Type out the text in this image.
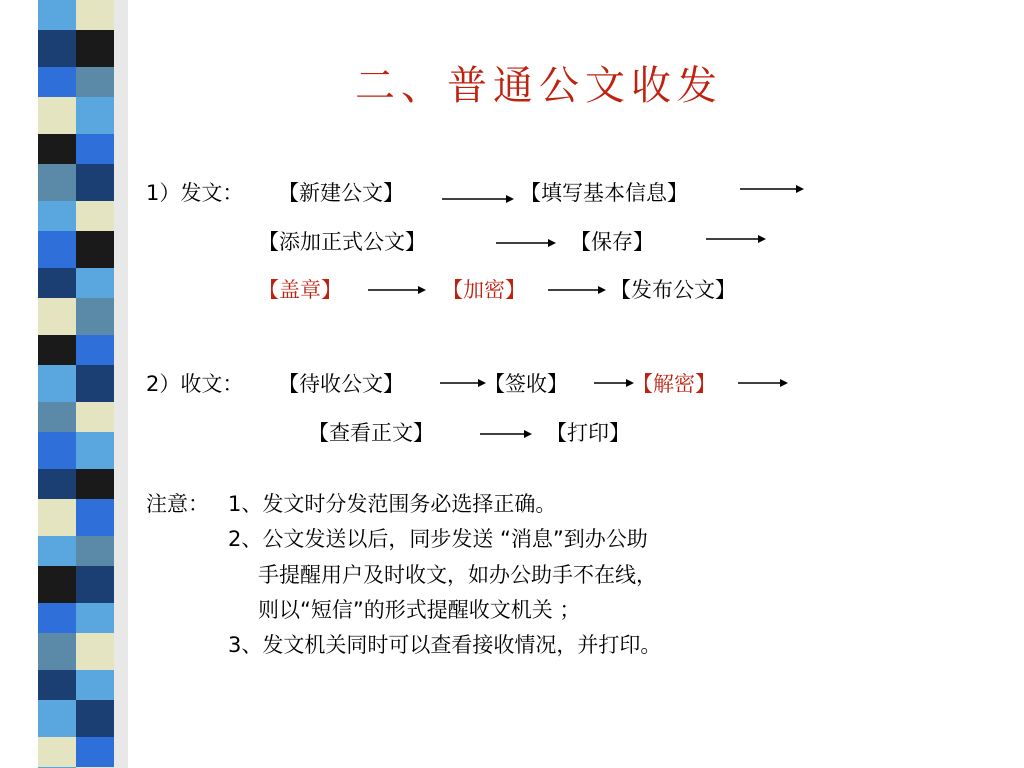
二、普通公文收发
1）发文： 【新建公文】	【填写基本信息】
【添加正式公文】	【保存】
【盖章】	【加密】	【发布公文】
2）收文： 【待收公文】	【签收】	【解密】
【查看正文】	【打印】
注意： 1、发文时分发范围务必选择正确。
2、公文发送以后，同步发送 “消息”到办公助
手提醒用户及时收文，如办公助手不在线，
则以“短信”的形式提醒收文机关 ；
3、发文机关同时可以查看接收情况，并打印。
